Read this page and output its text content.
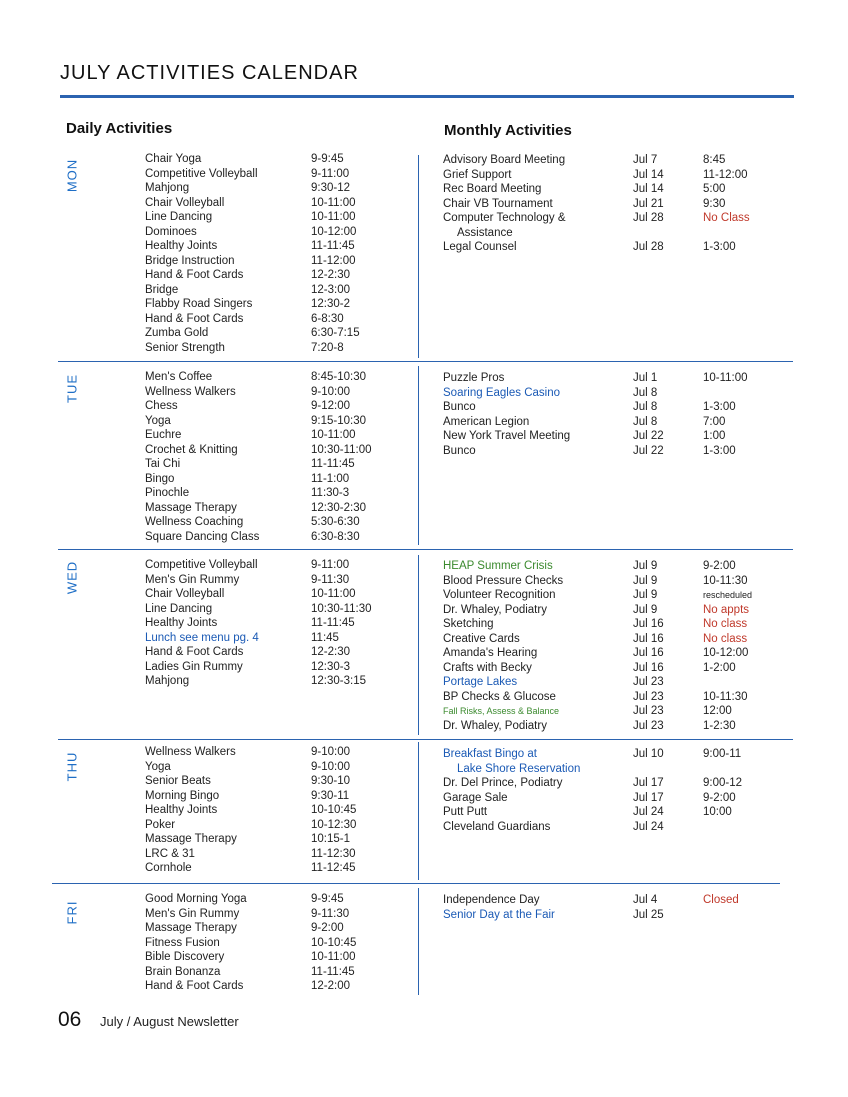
JULY ACTIVITIES CALENDAR
Daily Activities	Monthly Activities
MON	Chair Yoga	9-9:45
Competitive Volleyball	9-11:00
Mahjong	9:30-12
Chair Volleyball	10-11:00
Line Dancing	10-11:00
Dominoes	10-12:00
Healthy Joints	11-11:45
Bridge Instruction	11-12:00
Hand & Foot Cards	12-2:30
Bridge	12-3:00
Flabby Road Singers	12:30-2
Hand & Foot Cards	6-8:30
Zumba Gold	6:30-7:15
Senior Strength	7:20-8
Advisory Board Meeting	Jul 7	8:45
Grief Support	Jul 14	11-12:00
Rec Board Meeting	Jul 14	5:00
Chair VB Tournament	Jul 21	9:30
Computer Technology &	Jul 28	No Class
Assistance
Legal Counsel	Jul 28	1-3:00
TUE	Men's Coffee	8:45-10:30
Wellness Walkers	9-10:00
Chess	9-12:00
Yoga	9:15-10:30
Euchre	10-11:00
Crochet & Knitting	10:30-11:00
Tai Chi	11-11:45
Bingo	11-1:00
Pinochle	11:30-3
Massage Therapy	12:30-2:30
Wellness Coaching	5:30-6:30
Square Dancing Class	6:30-8:30
Puzzle Pros	Jul 1	10-11:00
Soaring Eagles Casino	Jul 8
Bunco	Jul 8	1-3:00
American Legion	Jul 8	7:00
New York Travel Meeting	Jul 22	1:00
Bunco	Jul 22	1-3:00
WED	Competitive Volleyball	9-11:00
Men's Gin Rummy	9-11:30
Chair Volleyball	10-11:00
Line Dancing	10:30-11:30
Healthy Joints	11-11:45
Lunch see menu pg. 4	11:45
Hand & Foot Cards	12-2:30
Ladies Gin Rummy	12:30-3
Mahjong	12:30-3:15
HEAP Summer Crisis	Jul 9	9-2:00
Blood Pressure Checks	Jul 9	10-11:30
Volunteer Recognition	Jul 9	rescheduled
Dr. Whaley, Podiatry	Jul 9	No appts
Sketching	Jul 16	No class
Creative Cards	Jul 16	No class
Amanda's Hearing	Jul 16	10-12:00
Crafts with Becky	Jul 16	1-2:00
Portage Lakes	Jul 23
BP Checks & Glucose	Jul 23	10-11:30
Fall Risks, Assess & Balance	Jul 23	12:00
Dr. Whaley, Podiatry	Jul 23	1-2:30
THU	Wellness Walkers	9-10:00
Yoga	9-10:00
Senior Beats	9:30-10
Morning Bingo	9:30-11
Healthy Joints	10-10:45
Poker	10-12:30
Massage Therapy	10:15-1
LRC & 31	11-12:30
Cornhole	11-12:45
Breakfast Bingo at	Jul 10	9:00-11
Lake Shore Reservation
Dr. Del Prince, Podiatry	Jul 17	9:00-12
Garage Sale	Jul 17	9-2:00
Putt Putt	Jul 24	10:00
Cleveland Guardians	Jul 24
FRI
Good Morning Yoga	9-9:45
Men's Gin Rummy	9-11:30
Massage Therapy	9-2:00
Fitness Fusion	10-10:45
Bible Discovery	10-11:00
Brain Bonanza	11-11:45
Hand & Foot Cards	12-2:00
Independence Day	Jul 4	Closed
Senior Day at the Fair	Jul 25
06 July / August Newsletter
